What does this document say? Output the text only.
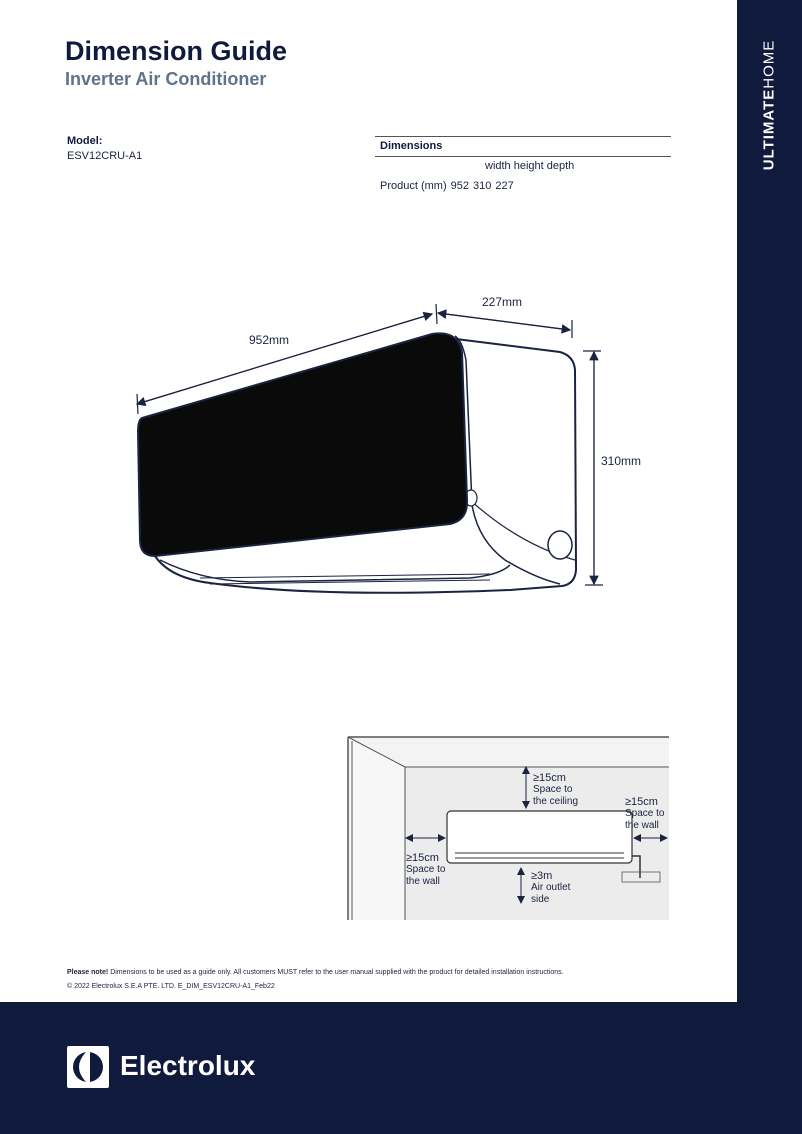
ULTIMATEHOME
Dimension Guide
Inverter Air Conditioner
Model:
ESV12CRU-A1
Dimensions
width height depth
Product (mm) 952 310 227
952mm
227mm
310mm
≥15cm
Space to
the ceiling	≥15cm
Space to
the wall
≥15cm
Space to
the wall	≥3m
Air outlet
side
Please note! Dimensions to be used as a guide only. All customers MUST refer to the user manual supplied with the product for detailed installation instructions.
© 2022 Electrolux S.E.A PTE. LTD. E_DIM_ESV12CRU-A1_Feb22
Electrolux
